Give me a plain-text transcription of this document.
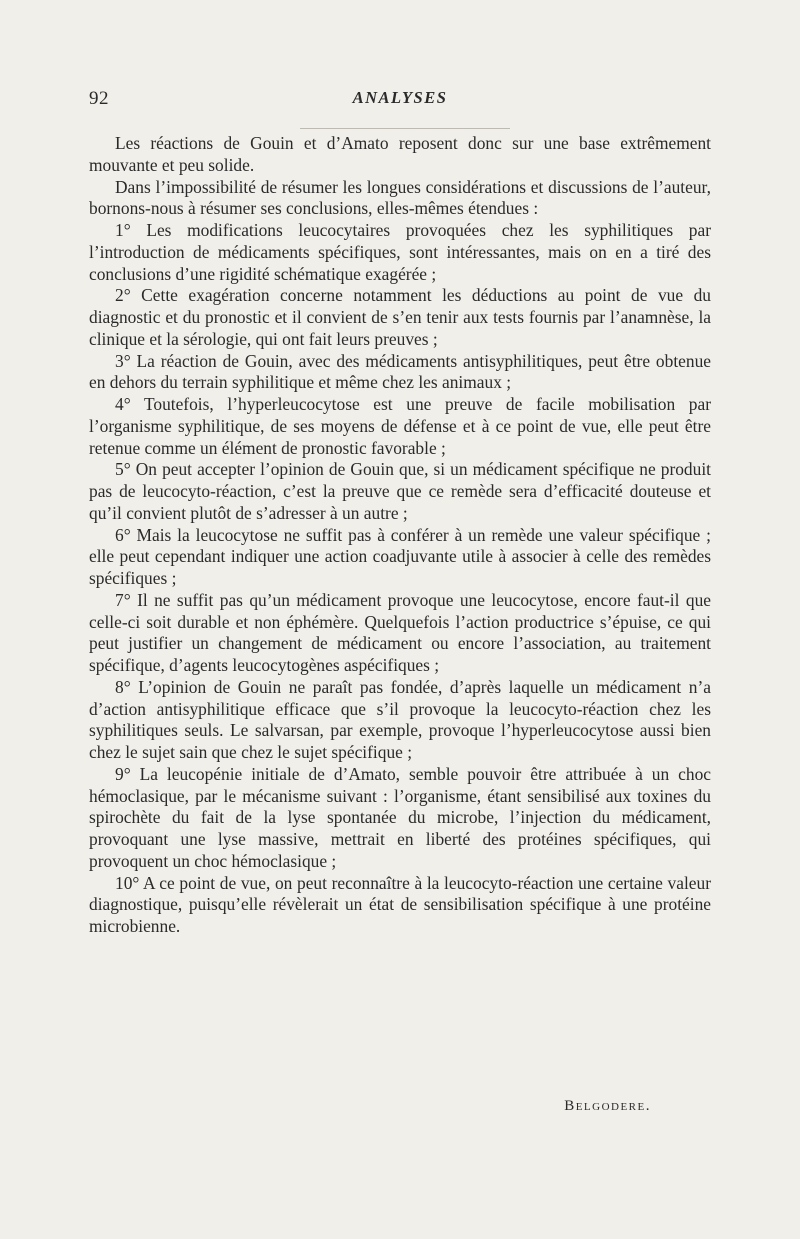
92	ANALYSES

Les réactions de Gouin et d’Amato reposent donc sur une base extrêmement mouvante et peu solide.

Dans l’impossibilité de résumer les longues considérations et discussions de l’auteur, bornons-nous à résumer ses conclusions, elles-mêmes étendues :

1° Les modifications leucocytaires provoquées chez les syphilitiques par l’introduction de médicaments spécifiques, sont intéressantes, mais on en a tiré des conclusions d’une rigidité schématique exagérée ;

2° Cette exagération concerne notamment les déductions au point de vue du diagnostic et du pronostic et il convient de s’en tenir aux tests fournis par l’anamnèse, la clinique et la sérologie, qui ont fait leurs preuves ;

3° La réaction de Gouin, avec des médicaments antisyphilitiques, peut être obtenue en dehors du terrain syphilitique et même chez les animaux ;

4° Toutefois, l’hyperleucocytose est une preuve de facile mobilisation par l’organisme syphilitique, de ses moyens de défense et à ce point de vue, elle peut être retenue comme un élément de pronostic favorable ;

5° On peut accepter l’opinion de Gouin que, si un médicament spécifique ne produit pas de leucocyto-réaction, c’est la preuve que ce remède sera d’efficacité douteuse et qu’il convient plutôt de s’adresser à un autre ;

6° Mais la leucocytose ne suffit pas à conférer à un remède une valeur spécifique ; elle peut cependant indiquer une action coadjuvante utile à associer à celle des remèdes spécifiques ;

7° Il ne suffit pas qu’un médicament provoque une leucocytose, encore faut-il que celle-ci soit durable et non éphémère. Quelquefois l’action productrice s’épuise, ce qui peut justifier un changement de médicament ou encore l’association, au traitement spécifique, d’agents leucocytogènes aspécifiques ;

8° L’opinion de Gouin ne paraît pas fondée, d’après laquelle un médicament n’a d’action antisyphilitique efficace que s’il provoque la leucocyto-réaction chez les syphilitiques seuls. Le salvarsan, par exemple, provoque l’hyperleucocytose aussi bien chez le sujet sain que chez le sujet spécifique ;

9° La leucopénie initiale de d’Amato, semble pouvoir être attribuée à un choc hémoclasique, par le mécanisme suivant : l’organisme, étant sensibilisé aux toxines du spirochète du fait de la lyse spontanée du microbe, l’injection du médicament, provoquant une lyse massive, mettrait en liberté des protéines spécifiques, qui provoquent un choc hémoclasique ;

10° A ce point de vue, on peut reconnaître à la leucocyto-réaction une certaine valeur diagnostique, puisqu’elle révèlerait un état de sensibilisation spécifique à une protéine microbienne.

Belgodere.
